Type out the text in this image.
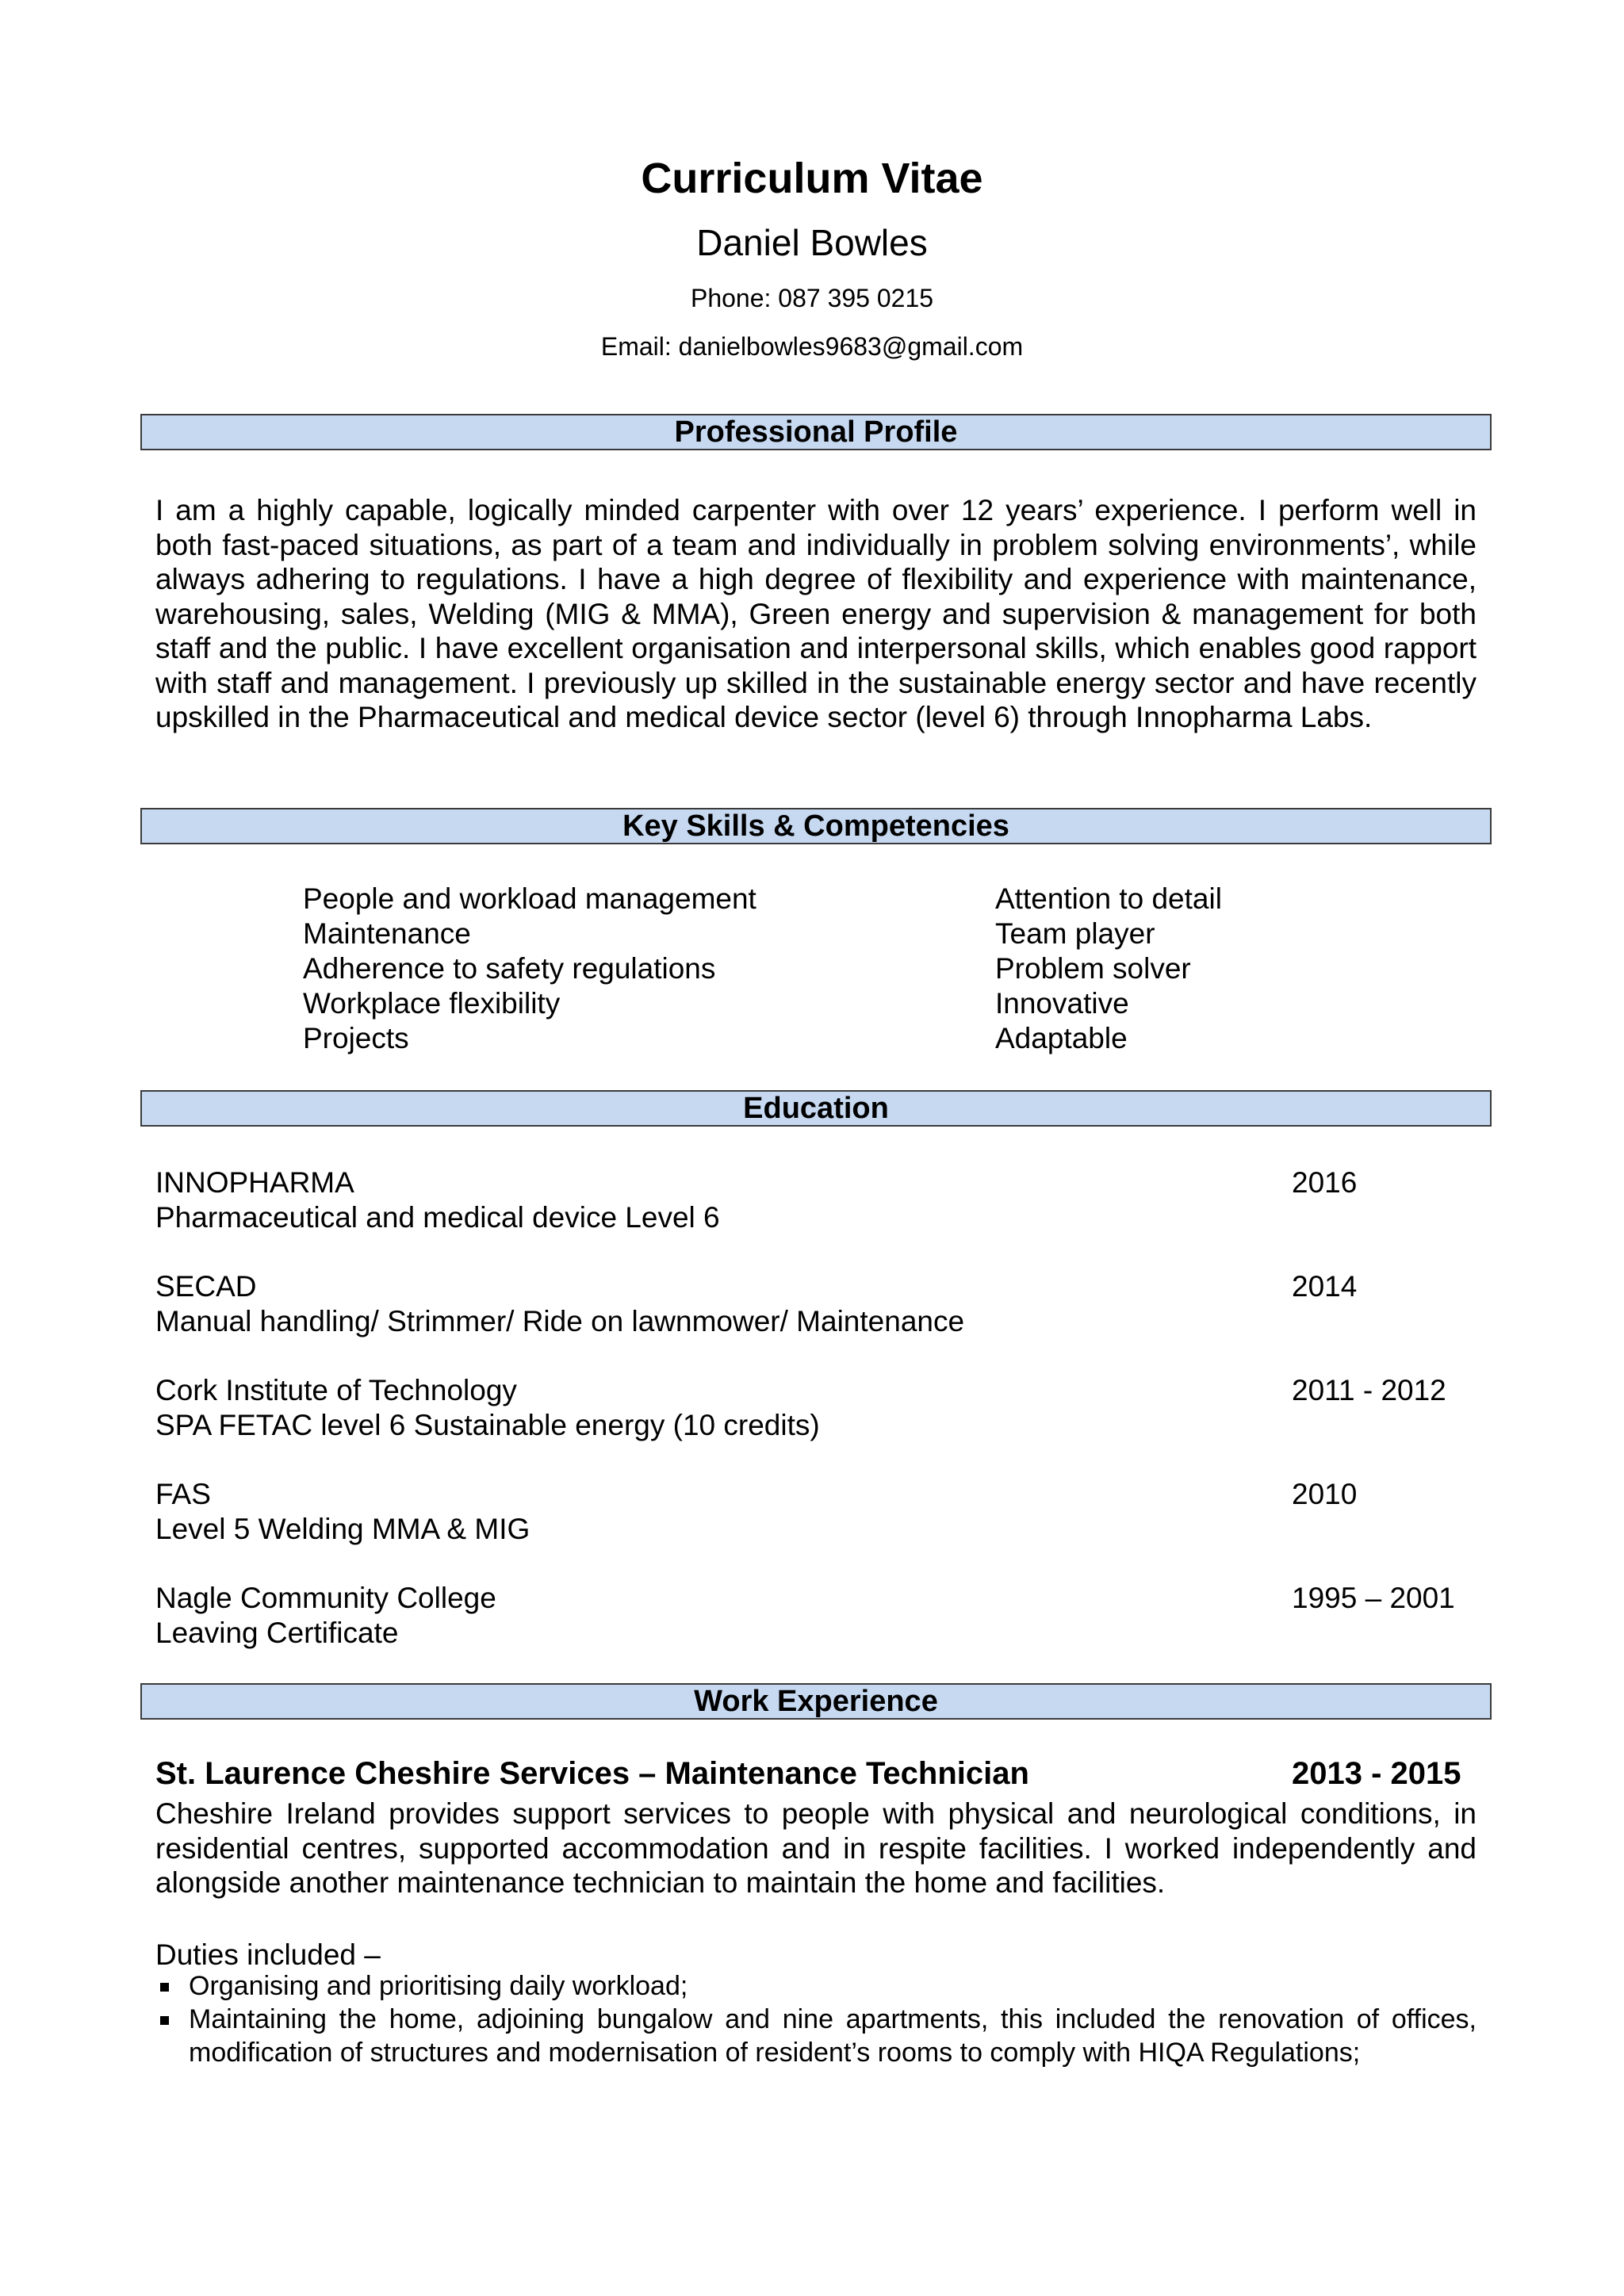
Curriculum Vitae
Daniel Bowles
Phone: 087 395 0215
Email: danielbowles9683@gmail.com
Professional Profile
I am a highly capable, logically minded carpenter with over 12 years’ experience. I perform well in both fast-paced situations, as part of a team and individually in problem solving environments’, while always adhering to regulations. I have a high degree of flexibility and experience with maintenance, warehousing, sales, Welding (MIG & MMA), Green energy and supervision & management for both staff and the public. I have excellent organisation and interpersonal skills, which enables good rapport with staff and management. I previously up skilled in the sustainable energy sector and have recently upskilled in the Pharmaceutical and medical device sector (level 6) through Innopharma Labs.
Key Skills & Competencies
People and workload management
Maintenance
Adherence to safety regulations
Workplace flexibility
Projects
Attention to detail
Team player
Problem solver
Innovative
Adaptable
Education
INNOPHARMA
Pharmaceutical and medical device Level 6
2016
SECAD
Manual handling/ Strimmer/ Ride on lawnmower/ Maintenance
2014
Cork Institute of Technology
SPA FETAC level 6 Sustainable energy (10 credits)
2011 - 2012
FAS
Level 5 Welding MMA & MIG
2010
Nagle Community College
Leaving Certificate
1995 – 2001
Work Experience
St. Laurence Cheshire Services – Maintenance Technician	2013 - 2015
Cheshire Ireland provides support services to people with physical and neurological conditions, in residential centres, supported accommodation and in respite facilities. I worked independently and alongside another maintenance technician to maintain the home and facilities.
Duties included –
Organising and prioritising daily workload;
Maintaining the home, adjoining bungalow and nine apartments, this included the renovation of offices, modification of structures and modernisation of resident’s rooms to comply with HIQA Regulations;
